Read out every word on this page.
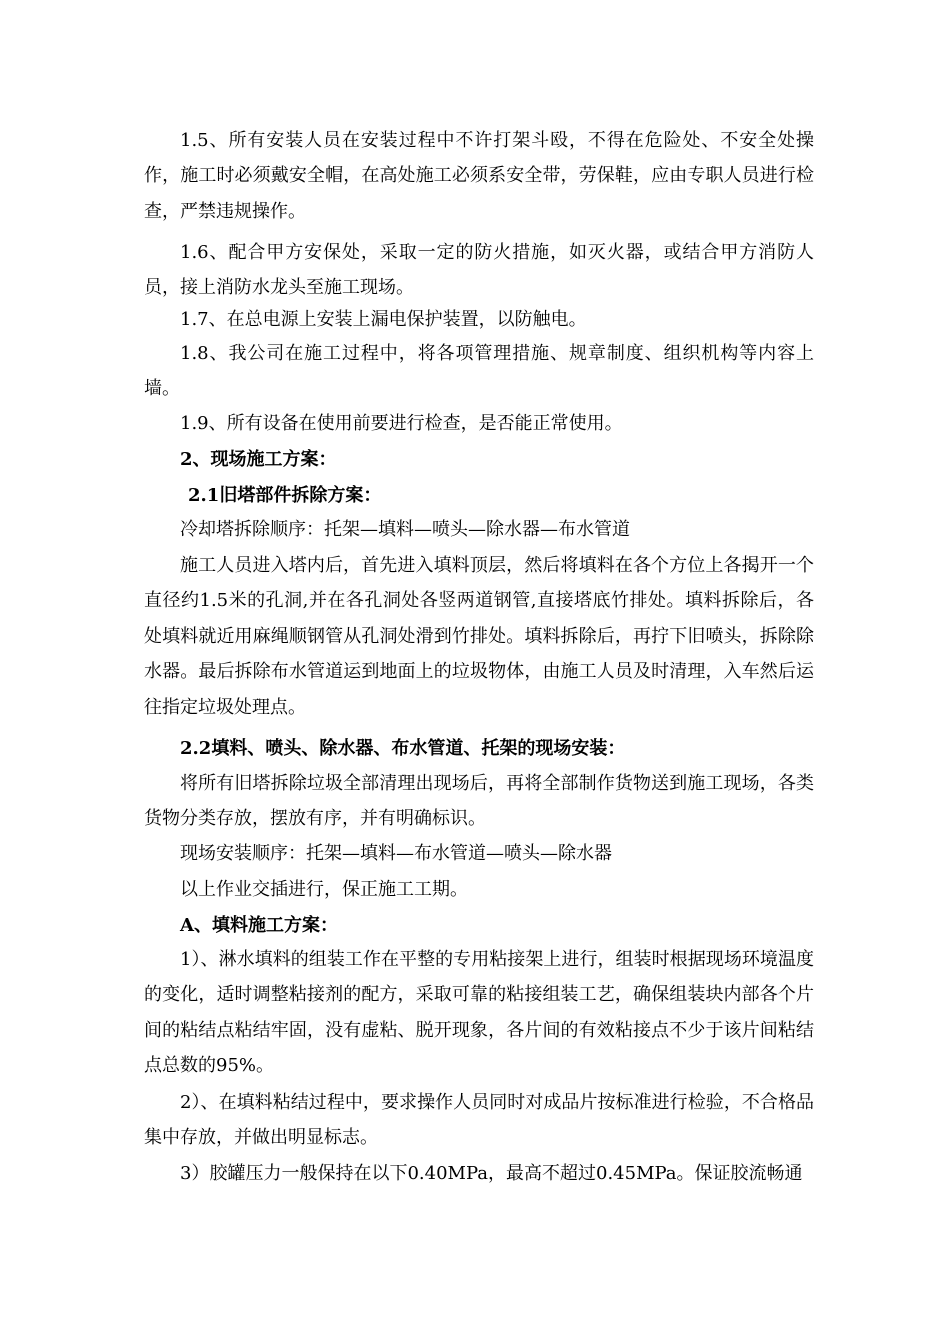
1.5、所有安装人员在安装过程中不许打架斗殴，不得在危险处、不安全处操作，施工时必须戴安全帽，在高处施工必须系安全带，劳保鞋，应由专职人员进行检查，严禁违规操作。

1.6、配合甲方安保处，采取一定的防火措施，如灭火器，或结合甲方消防人员，接上消防水龙头至施工现场。

1.7、在总电源上安装上漏电保护装置，以防触电。

1.8、我公司在施工过程中，将各项管理措施、规章制度、组织机构等内容上墙。

1.9、所有设备在使用前要进行检查，是否能正常使用。

2、现场施工方案：

2.1旧塔部件拆除方案：

冷却塔拆除顺序：托架—填料—喷头—除水器—布水管道

施工人员进入塔内后，首先进入填料顶层，然后将填料在各个方位上各揭开一个直径约1.5米的孔洞,并在各孔洞处各竖两道钢管,直接塔底竹排处。填料拆除后，各处填料就近用麻绳顺钢管从孔洞处滑到竹排处。填料拆除后，再拧下旧喷头，拆除除水器。最后拆除布水管道运到地面上的垃圾物体，由施工人员及时清理，入车然后运往指定垃圾处理点。

2.2填料、喷头、除水器、布水管道、托架的现场安装：

将所有旧塔拆除垃圾全部清理出现场后，再将全部制作货物送到施工现场，各类货物分类存放，摆放有序，并有明确标识。

现场安装顺序：托架—填料—布水管道—喷头—除水器

以上作业交插进行，保正施工工期。

A、填料施工方案：

1）、淋水填料的组装工作在平整的专用粘接架上进行，组装时根据现场环境温度的变化，适时调整粘接剂的配方，采取可靠的粘接组装工艺，确保组装块内部各个片间的粘结点粘结牢固，没有虚粘、脱开现象，各片间的有效粘接点不少于该片间粘结点总数的95%。

2）、在填料粘结过程中，要求操作人员同时对成品片按标准进行检验，不合格品集中存放，并做出明显标志。

3）胶罐压力一般保持在以下0.40MPa，最高不超过0.45MPa。保证胶流畅通
